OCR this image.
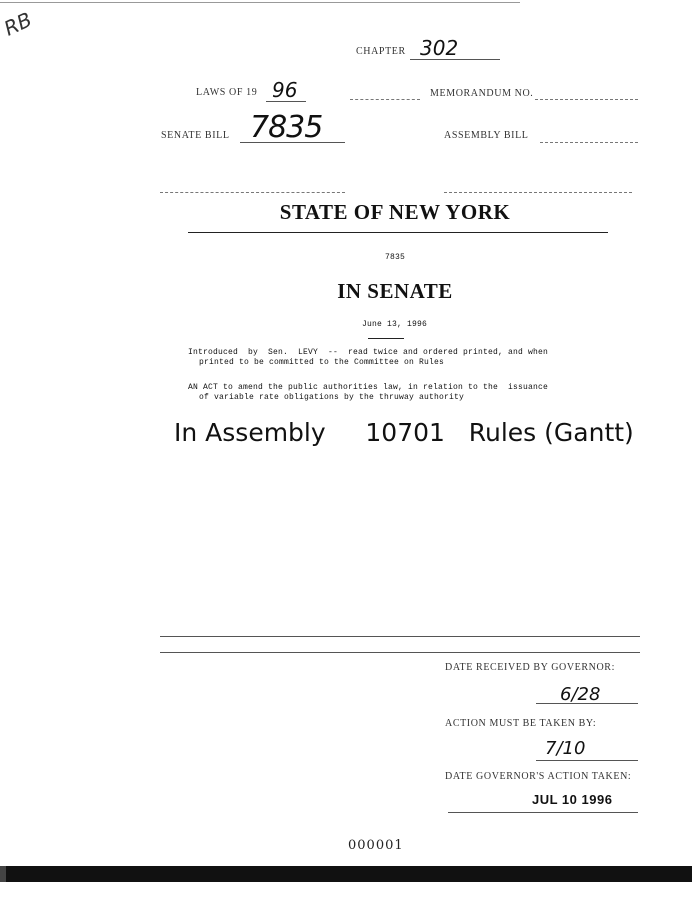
RB
CHAPTER 302
LAWS OF 19 96	MEMORANDUM NO.
SENATE BILL 7835	ASSEMBLY BILL
STATE OF NEW YORK
7835
IN SENATE
June 13, 1996
Introduced  by  Sen.  LEVY  --  read twice and ordered printed, and when
printed to be committed to the Committee on Rules
AN ACT to amend the public authorities law, in relation to the  issuance
of variable rate obligations by the thruway authority
In Assembly     10701   Rules (Gantt)
DATE RECEIVED BY GOVERNOR:
6/28
ACTION MUST BE TAKEN BY:
7/10
DATE GOVERNOR'S ACTION TAKEN:
JUL 10 1996
000001
